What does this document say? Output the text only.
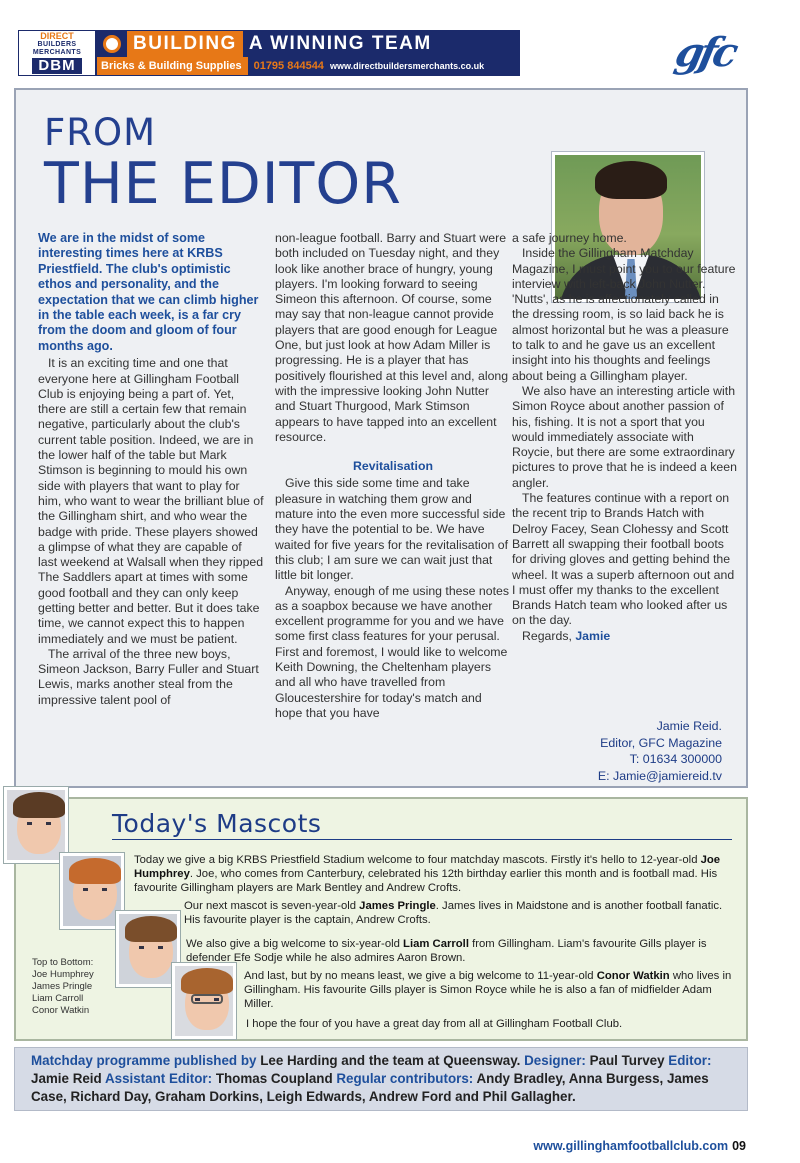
DIRECT
BUILDERS
MERCHANTS
DBM
BUILDING A WINNING TEAM
Bricks & Building Supplies	01795 844544 www.directbuildersmerchants.co.uk	gfc
FROM
THE EDITOR

We are in the midst of some interesting times here at KRBS Priestfield. The club's optimistic ethos and personality, and the expectation that we can climb higher in the table each week, is a far cry from the doom and gloom of four months ago.

It is an exciting time and one that everyone here at Gillingham Football Club is enjoying being a part of. Yet, there are still a certain few that remain negative, particularly about the club's current table position. Indeed, we are in the lower half of the table but Mark Stimson is beginning to mould his own side with players that want to play for him, who want to wear the brilliant blue of the Gillingham shirt, and who wear the badge with pride. These players showed a glimpse of what they are capable of last weekend at Walsall when they ripped The Saddlers apart at times with some good football and they can only keep getting better and better. But it does take time, we cannot expect this to happen immediately and we must be patient.

The arrival of the three new boys, Simeon Jackson, Barry Fuller and Stuart Lewis, marks another steal from the impressive talent pool of

non-league football. Barry and Stuart were both included on Tuesday night, and they look like another brace of hungry, young players. I'm looking forward to seeing Simeon this afternoon. Of course, some may say that non-league cannot provide players that are good enough for League One, but just look at how Adam Miller is progressing. He is a player that has positively flourished at this level and, along with the impressive looking John Nutter and Stuart Thurgood, Mark Stimson appears to have tapped into an excellent resource.

Revitalisation

Give this side some time and take pleasure in watching them grow and mature into the even more successful side they have the potential to be. We have waited for five years for the revitalisation of this club; I am sure we can wait just that little bit longer.

Anyway, enough of me using these notes as a soapbox because we have another excellent programme for you and we have some first class features for your perusal. First and foremost, I would like to welcome Keith Downing, the Cheltenham players and all who have travelled from Gloucestershire for today's match and hope that you have

a safe journey home.

Inside the Gillingham Matchday Magazine, I must point you to our feature interview with left-back John Nutter. 'Nutts', as he is affectionately called in the dressing room, is so laid back he is almost horizontal but he was a pleasure to talk to and he gave us an excellent insight into his thoughts and feelings about being a Gillingham player.

We also have an interesting article with Simon Royce about another passion of his, fishing. It is not a sport that you would immediately associate with Roycie, but there are some extraordinary pictures to prove that he is indeed a keen angler.

The features continue with a report on the recent trip to Brands Hatch with Delroy Facey, Sean Clohessy and Scott Barrett all swapping their football boots for driving gloves and getting behind the wheel. It was a superb afternoon out and I must offer my thanks to the excellent Brands Hatch team who looked after us on the day.

Regards, Jamie

Jamie Reid.
Editor, GFC Magazine
T: 01634 300000
E: Jamie@jamiereid.tv
Today's Mascots

Today we give a big KRBS Priestfield Stadium welcome to four matchday mascots. Firstly it's hello to 12-year-old Joe Humphrey. Joe, who comes from Canterbury, celebrated his 12th birthday earlier this month and is football mad. His favourite Gillingham players are Mark Bentley and Andrew Crofts.

Our next mascot is seven-year-old James Pringle. James lives in Maidstone and is another football fanatic. His favourite player is the captain, Andrew Crofts.

We also give a big welcome to six-year-old Liam Carroll from Gillingham. Liam's favourite Gills player is defender Efe Sodje while he also admires Aaron Brown.

And last, but by no means least, we give a big welcome to 11-year-old Conor Watkin who lives in Gillingham. His favourite Gills player is Simon Royce while he is also a fan of midfielder Adam Miller.

I hope the four of you have a great day from all at Gillingham Football Club.

Top to Bottom:
Joe Humphrey
James Pringle
Liam Carroll
Conor Watkin
Matchday programme published by Lee Harding and the team at Queensway. Designer: Paul Turvey Editor: Jamie Reid Assistant Editor: Thomas Coupland Regular contributors: Andy Bradley, Anna Burgess, James Case, Richard Day, Graham Dorkins, Leigh Edwards, Andrew Ford and Phil Gallagher.
www.gillinghamfootballclub.com 09
